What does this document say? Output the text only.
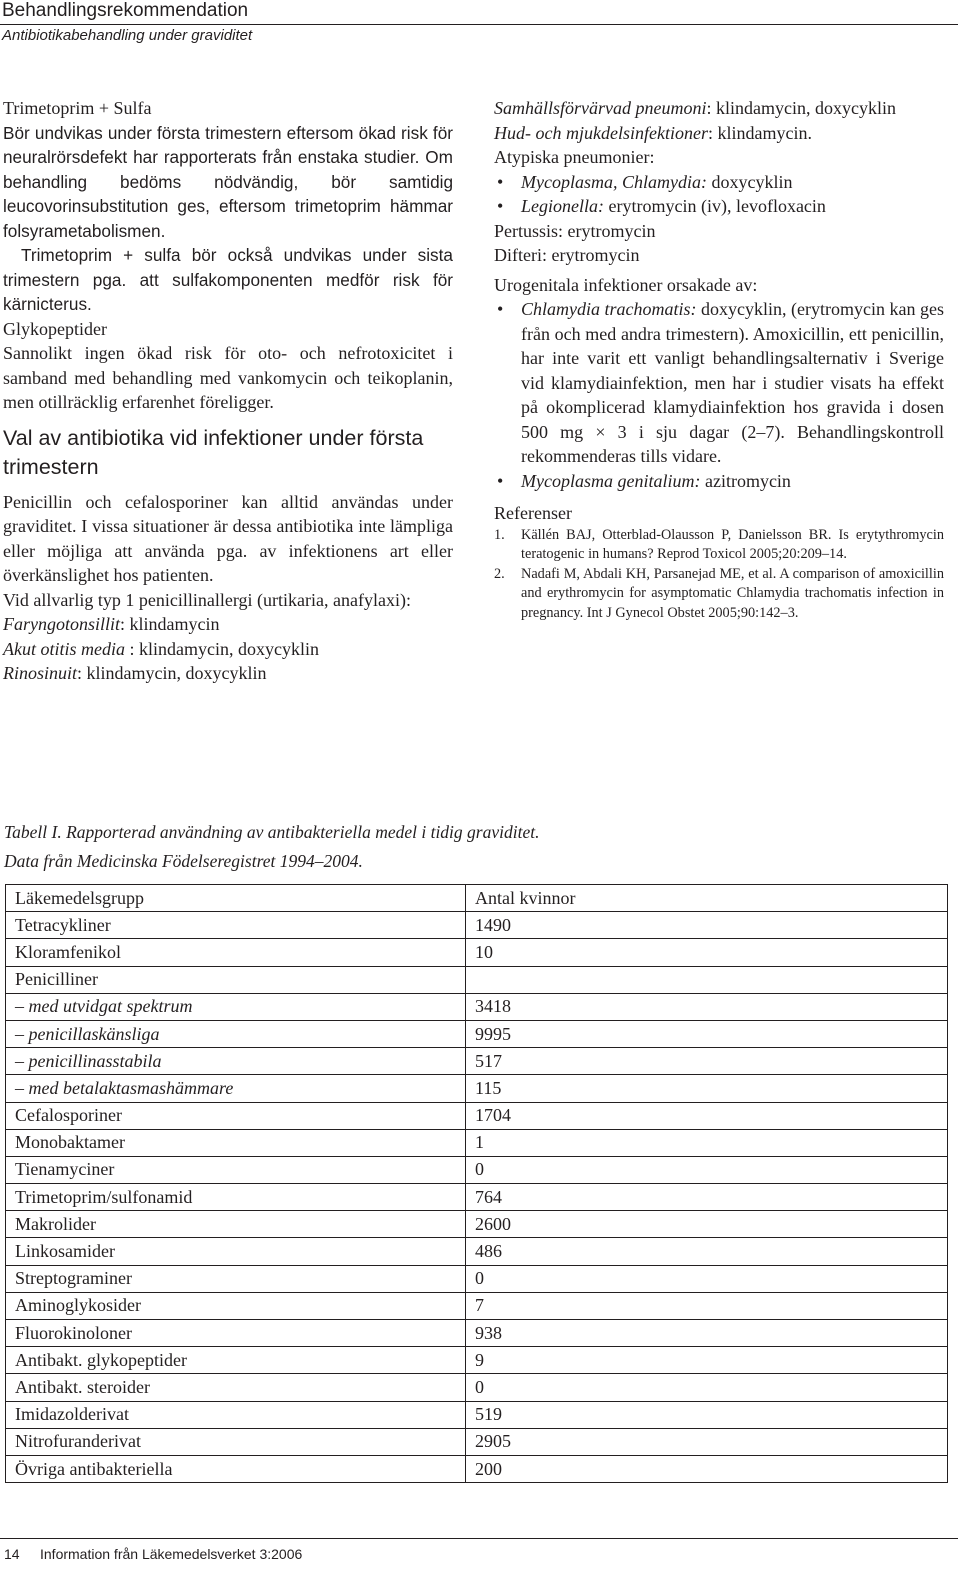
Behandlingsrekommendation
Antibiotikabehandling under graviditet

Trimetoprim + Sulfa

Bör undvikas under första trimestern eftersom ökad risk för neuralrörsdefekt har rapporterats från enstaka studier. Om behandling bedöms nödvändig, bör samtidig leucovorinsubstitution ges, eftersom trimetoprim hämmar folsyrametabolismen.

Trimetoprim + sulfa bör också undvikas under sista trimestern pga. att sulfakomponenten medför risk för kärnicterus.

Glykopeptider

Sannolikt ingen ökad risk för oto- och nefrotoxicitet i samband med behandling med vankomycin och teikoplanin, men otillräcklig erfarenhet föreligger.

Val av antibiotika vid infektioner under första trimestern

Penicillin och cefalosporiner kan alltid användas under graviditet. I vissa situationer är dessa antibiotika inte lämpliga eller möjliga att använda pga. av infektionens art eller överkänslighet hos patienten.

Vid allvarlig typ 1 penicillinallergi (urtikaria, anafylaxi):

Faryngotonsillit: klindamycin

Akut otitis media : klindamycin, doxycyklin

Rinosinuit: klindamycin, doxycyklin

Samhällsförvärvad pneumoni: klindamycin, doxycyklin

Hud- och mjukdelsinfektioner: klindamycin.

Atypiska pneumonier:

• Mycoplasma, Chlamydia: doxycyklin

• Legionella: erytromycin (iv), levofloxacin

Pertussis: erytromycin

Difteri: erytromycin

Urogenitala infektioner orsakade av:

• Chlamydia trachomatis: doxycyklin, (erytromycin kan ges från och med andra trimestern). Amoxicillin, ett penicillin, har inte varit ett vanligt behandlingsalternativ i Sverige vid klamydiainfektion, men har i studier visats ha effekt på okomplicerad klamydiainfektion hos gravida i dosen 500 mg × 3 i sju dagar (2–7). Behandlingskontroll rekommenderas tills vidare.

• Mycoplasma genitalium: azitromycin

Referenser

1. Källén BAJ, Otterblad-Olausson P, Danielsson BR. Is erytythromycin teratogenic in humans? Reprod Toxicol 2005;20:209–14.
2. Nadafi M, Abdali KH, Parsanejad ME, et al. A comparison of amoxicillin and erythromycin for asymptomatic Chlamydia trachomatis infection in pregnancy. Int J Gynecol Obstet 2005;90:142–3.
Tabell I. Rapporterad användning av antibakteriella medel i tidig graviditet.
Data från Medicinska Födelseregistret 1994–2004.
Läkemedelsgrupp	Antal kvinnor
Tetracykliner	1490
Kloramfenikol	10
Penicilliner	
– med utvidgat spektrum	3418
– penicillaskänsliga	9995
– penicillinasstabila	517
– med betalaktasmashämmare	115
Cefalosporiner	1704
Monobaktamer	1
Tienamyciner	0
Trimetoprim/sulfonamid	764
Makrolider	2600
Linkosamider	486
Streptograminer	0
Aminoglykosider	7
Fluorokinoloner	938
Antibakt. glykopeptider	9
Antibakt. steroider	0
Imidazolderivat	519
Nitrofuranderivat	2905
Övriga antibakteriella	200
14 Information från Läkemedelsverket 3:2006
